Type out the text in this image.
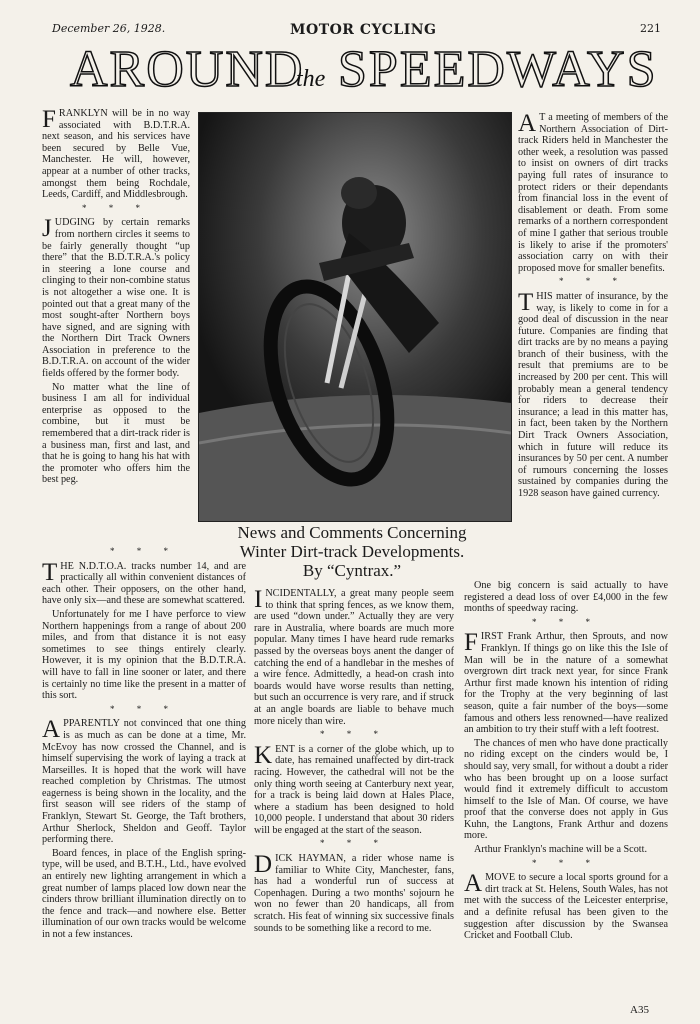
December 26, 1928.	MOTOR CYCLING	221
AROUND
the SPEEDWAYS
News and Comments Concerning
Winter Dirt-track Developments.
By “Cyntrax.”

FRANKLYN will be in no way associated with B.D.T.R.A. next season, and his services have been secured by Belle Vue, Manchester. He will, however, appear at a number of other tracks, amongst them being Rochdale, Leeds, Cardiff, and Middlesbrough.

* * *

JUDGING by certain remarks from northern circles it seems to be fairly generally thought “up there” that the B.D.T.R.A.'s policy in steering a lone course and clinging to their non-combine status is not altogether a wise one. It is pointed out that a great many of the most sought-after Northern boys have signed, and are signing with the Northern Dirt Track Owners Association in preference to the B.D.T.R.A. on account of the wider fields offered by the former body.

No matter what the line of business I am all for individual enterprise as opposed to the combine, but it must be remembered that a dirt-track rider is a business man, first and last, and that he is going to hang his hat with the promoter who offers him the best peg.

* * *

THE N.D.T.O.A. tracks number 14, and are practically all within convenient distances of each other. Their opposers, on the other hand, have only six—and these are somewhat scattered.

Unfortunately for me I have perforce to view Northern happenings from a range of about 200 miles, and from that distance it is not easy sometimes to see things entirely clearly. However, it is my opinion that the B.D.T.R.A. will have to fall in line sooner or later, and there is certainly no time like the present in a matter of this sort.

* * *

APPARENTLY not convinced that one thing is as much as can be done at a time, Mr. McEvoy has now crossed the Channel, and is himself supervising the work of laying a track at Marseilles. It is hoped that the work will have reached completion by Christmas. The utmost eagerness is being shown in the locality, and the first season will see riders of the stamp of Franklyn, Stewart St. George, the Taft brothers, Arthur Sherlock, Sheldon and Geoff. Taylor performing there.

Board fences, in place of the English spring-type, will be used, and B.T.H., Ltd., have evolved an entirely new lighting arrangement in which a great number of lamps placed low down near the cinders throw brilliant illumination directly on to the fence and track—and nowhere else. Better illumination of our own tracks would be welcome in not a few instances.

INCIDENTALLY, a great many people seem to think that spring fences, as we know them, are used “down under.” Actually they are very rare in Australia, where boards are much more popular. Many times I have heard rude remarks passed by the overseas boys anent the danger of catching the end of a handlebar in the meshes of a wire fence. Admittedly, a head-on crash into boards would have worse results than netting, but such an occurrence is very rare, and if struck at an angle boards are liable to behave much more nicely than wire.

* * *

KENT is a corner of the globe which, up to date, has remained unaffected by dirt-track racing. However, the cathedral will not be the only thing worth seeing at Canterbury next year, for a track is being laid down at Hales Place, where a stadium has been designed to hold 10,000 people. I understand that about 30 riders will be engaged at the start of the season.

* * *

DICK HAYMAN, a rider whose name is familiar to White City, Manchester, fans, has had a wonderful run of success at Copenhagen. During a two months' sojourn he won no fewer than 20 handicaps, all from scratch. His feat of winning six successive finals sounds to be something like a record to me.

A T a meeting of members of the Northern Association of Dirt-track Riders held in Manchester the other week, a resolution was passed to insist on owners of dirt tracks paying full rates of insurance to protect riders or their dependants from financial loss in the event of disablement or death. From some remarks of a northern correspondent of mine I gather that serious trouble is likely to arise if the promoters' association carry on with their proposed move for smaller benefits.

* * *

THIS matter of insurance, by the way, is likely to come in for a good deal of discussion in the near future. Companies are finding that dirt tracks are by no means a paying branch of their business, with the result that premiums are to be increased by 200 per cent. This will probably mean a general tendency for riders to decrease their insurance; a lead in this matter has, in fact, been taken by the Northern Dirt Track Owners Association, which in future will reduce its insurances by 50 per cent. A number of rumours concerning the losses sustained by companies during the 1928 season have gained currency.

One big concern is said actually to have registered a dead loss of over £4,000 in the few months of speedway racing.

* * *

FIRST Frank Arthur, then Sprouts, and now Franklyn. If things go on like this the Isle of Man will be in the nature of a somewhat overgrown dirt track next year, for since Frank Arthur first made known his intention of riding for the Trophy at the very beginning of last season, quite a fair number of the boys—some famous and others less renowned—have realized an ambition to try their stuff with a left footrest.

The chances of men who have done practically no riding except on the cinders would be, I should say, very small, for without a doubt a rider who has been brought up on a loose surfact would find it extremely difficult to accustom himself to the Isle of Man. Of course, we have proof that the converse does not apply in Gus Kuhn, the Langtons, Frank Arthur and dozens more.

Arthur Franklyn's machine will be a Scott.

* * *

AMOVE to secure a local sports ground for a dirt track at St. Helens, South Wales, has not met with the success of the Leicester enterprise, and a definite refusal has been given to the suggestion after discussion by the Swansea Cricket and Football Club.

A35
